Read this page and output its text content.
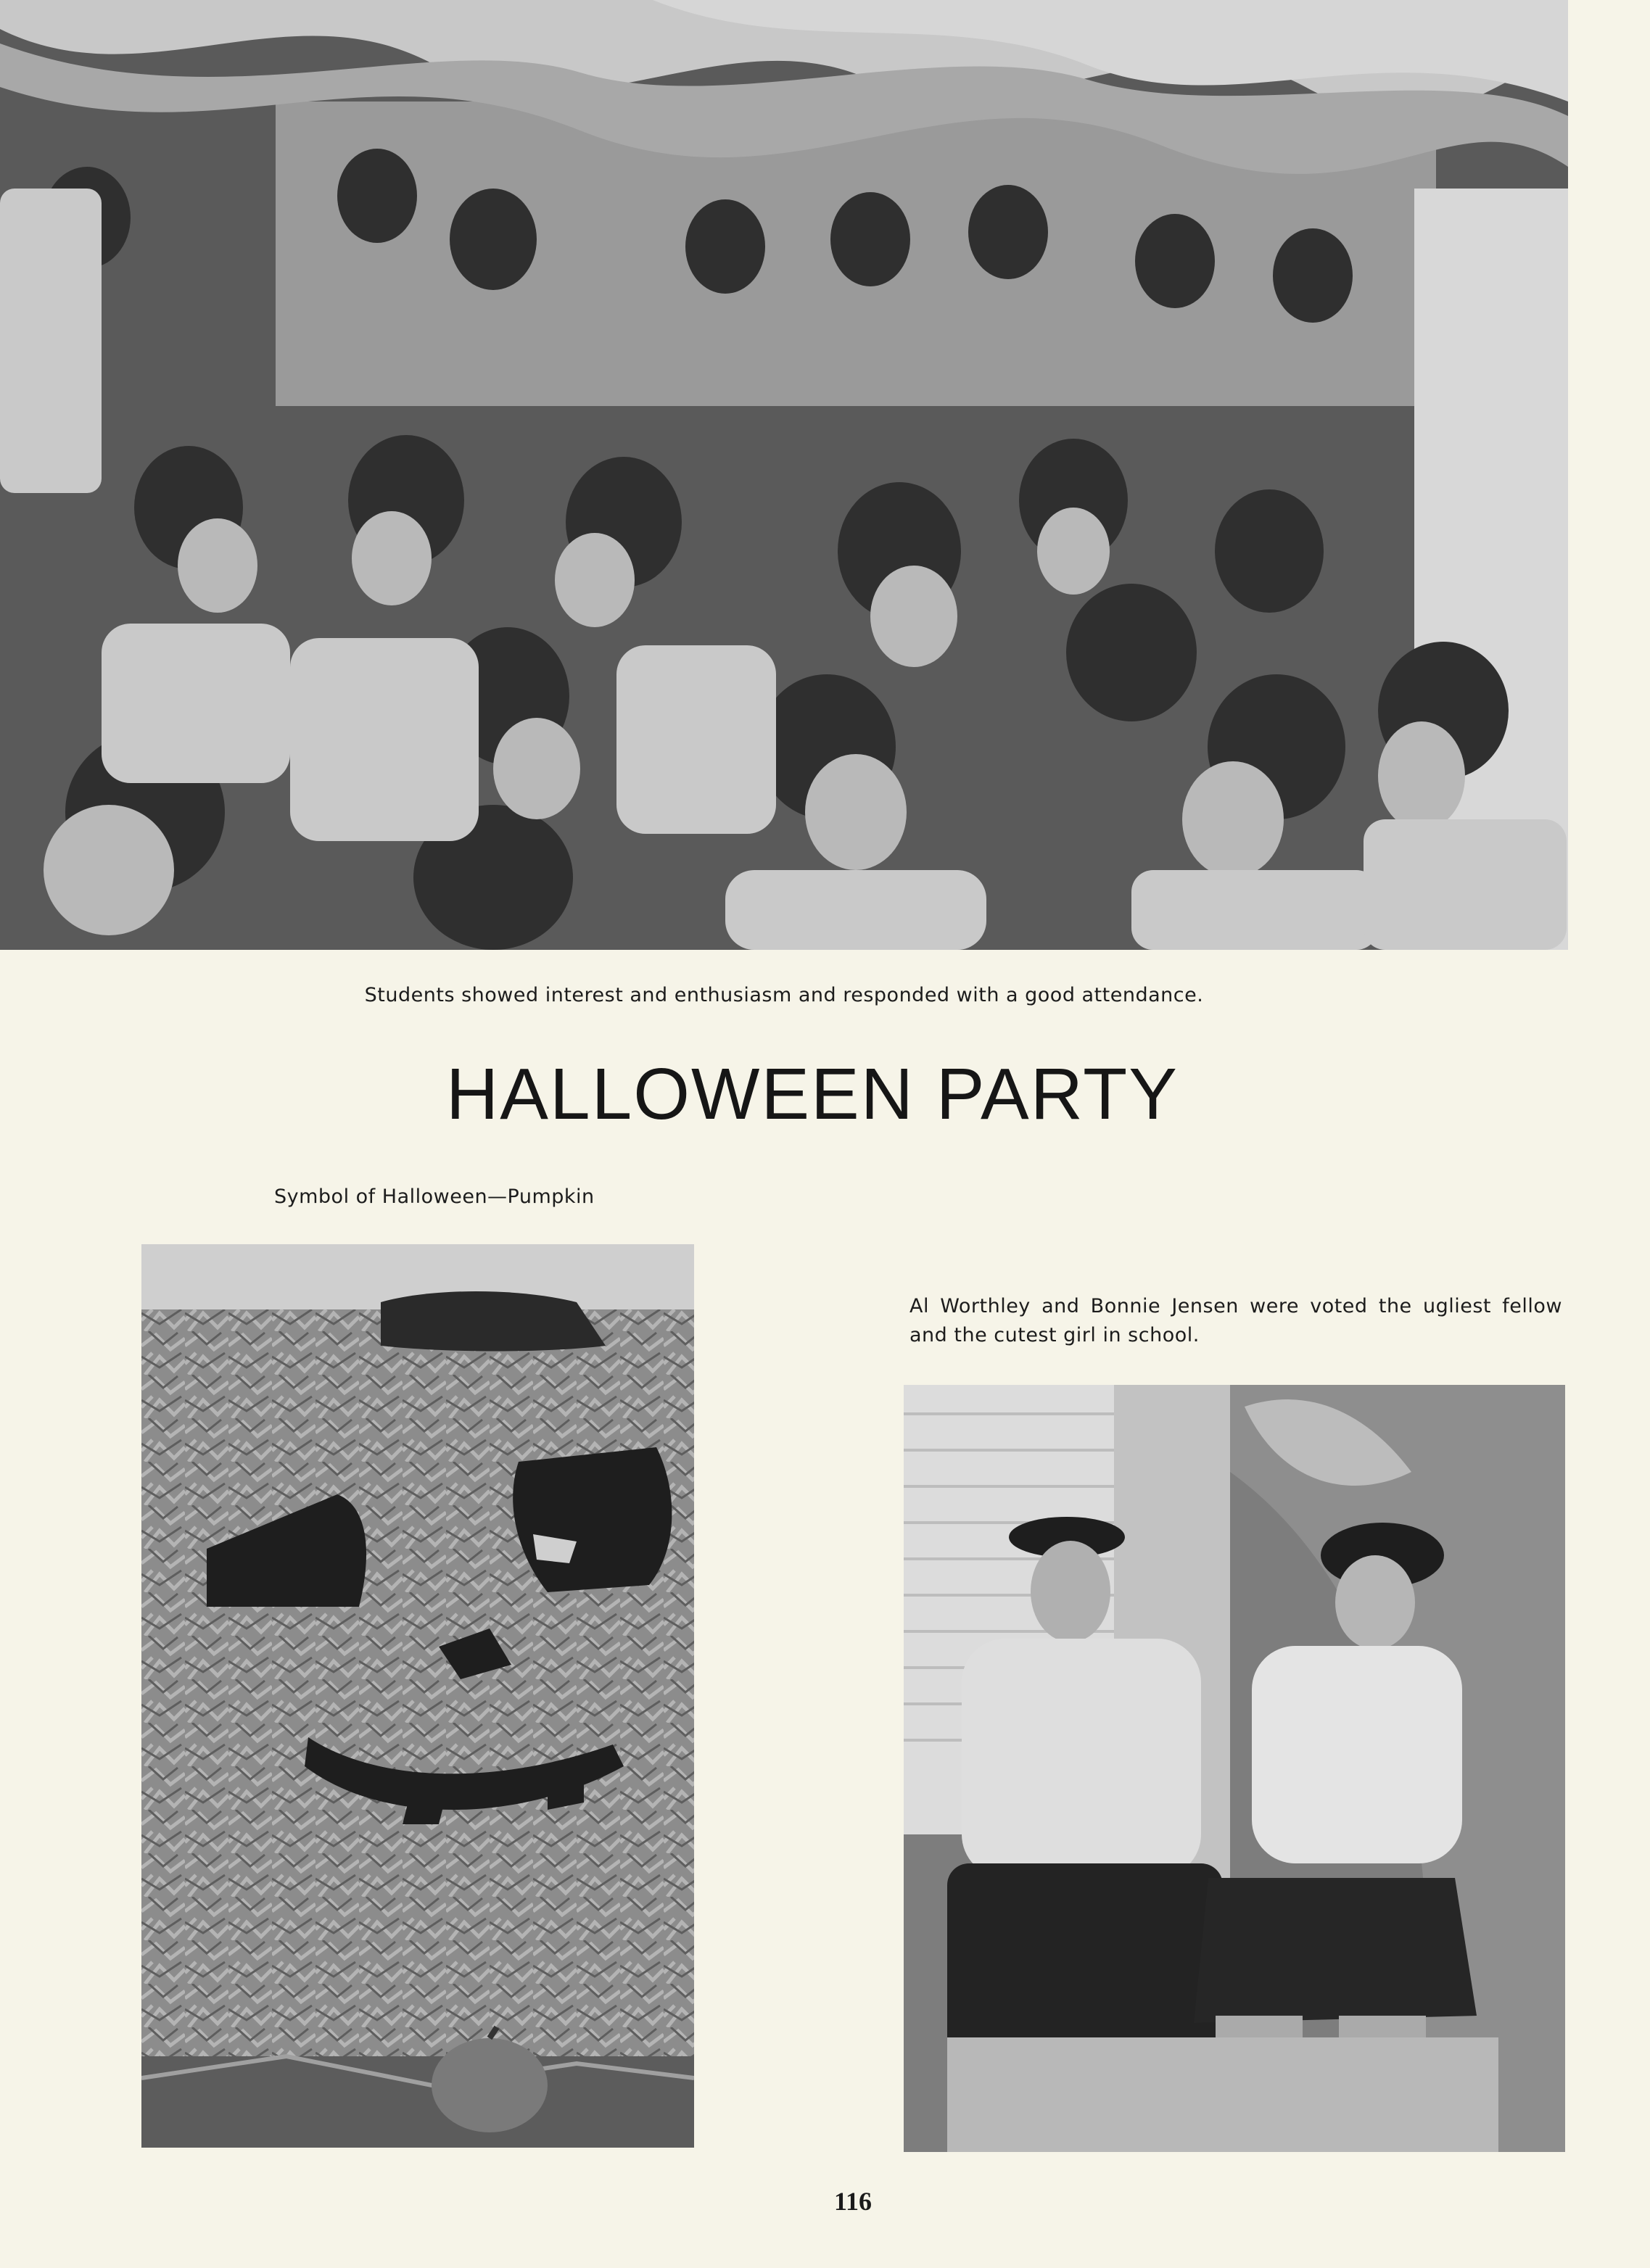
Students showed interest and enthusiasm and responded with a good attendance.

HALLOWEEN PARTY

Symbol of Halloween—Pumpkin

Al Worthley and Bonnie Jensen were voted the ugliest fellow and the cutest girl in school.

116
